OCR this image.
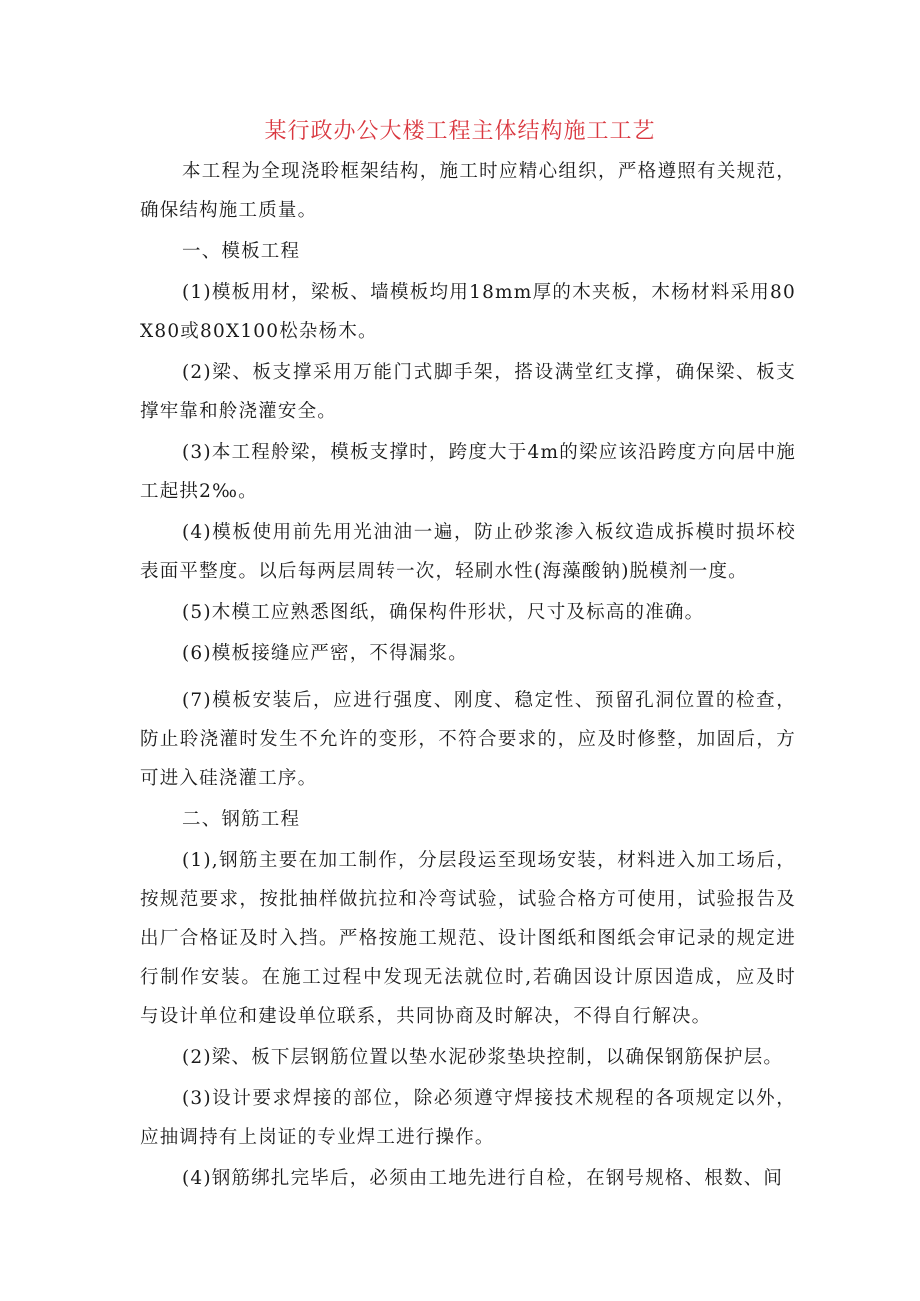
某行政办公大楼工程主体结构施工工艺

本工程为全现浇聆框架结构，施工时应精心组织，严格遵照有关规范，确保结构施工质量。

一、模板工程

(1)模板用材，梁板、墙模板均用18mm厚的木夹板，木杨材料采用80X80或80X100松杂杨木。

(2)梁、板支撑采用万能门式脚手架，搭设满堂红支撑，确保梁、板支撑牢靠和舲浇灌安全。

(3)本工程舲梁，模板支撑时，跨度大于4m的梁应该沿跨度方向居中施工起拱2‰。

(4)模板使用前先用光油油一遍，防止砂浆渗入板纹造成拆模时损坏校表面平整度。以后每两层周转一次，轻刷水性(海藻酸钠)脱模剂一度。

(5)木模工应熟悉图纸，确保构件形状，尺寸及标高的准确。

(6)模板接缝应严密，不得漏浆。

(7)模板安装后，应进行强度、刚度、稳定性、预留孔洞位置的检查，防止聆浇灌时发生不允许的变形，不符合要求的，应及时修整，加固后，方可进入硅浇灌工序。

二、钢筋工程

(1),钢筋主要在加工制作，分层段运至现场安装，材料进入加工场后，按规范要求，按批抽样做抗拉和冷弯试验，试验合格方可使用，试验报告及出厂合格证及时入挡。严格按施工规范、设计图纸和图纸会审记录的规定进行制作安装。在施工过程中发现无法就位时,若确因设计原因造成，应及时与设计单位和建设单位联系，共同协商及时解决，不得自行解决。

(2)梁、板下层钢筋位置以垫水泥砂浆垫块控制，以确保钢筋保护层。

(3)设计要求焊接的部位，除必须遵守焊接技术规程的各项规定以外，应抽调持有上岗证的专业焊工进行操作。

(4)钢筋绑扎完毕后，必须由工地先进行自检，在钢号规格、根数、间
